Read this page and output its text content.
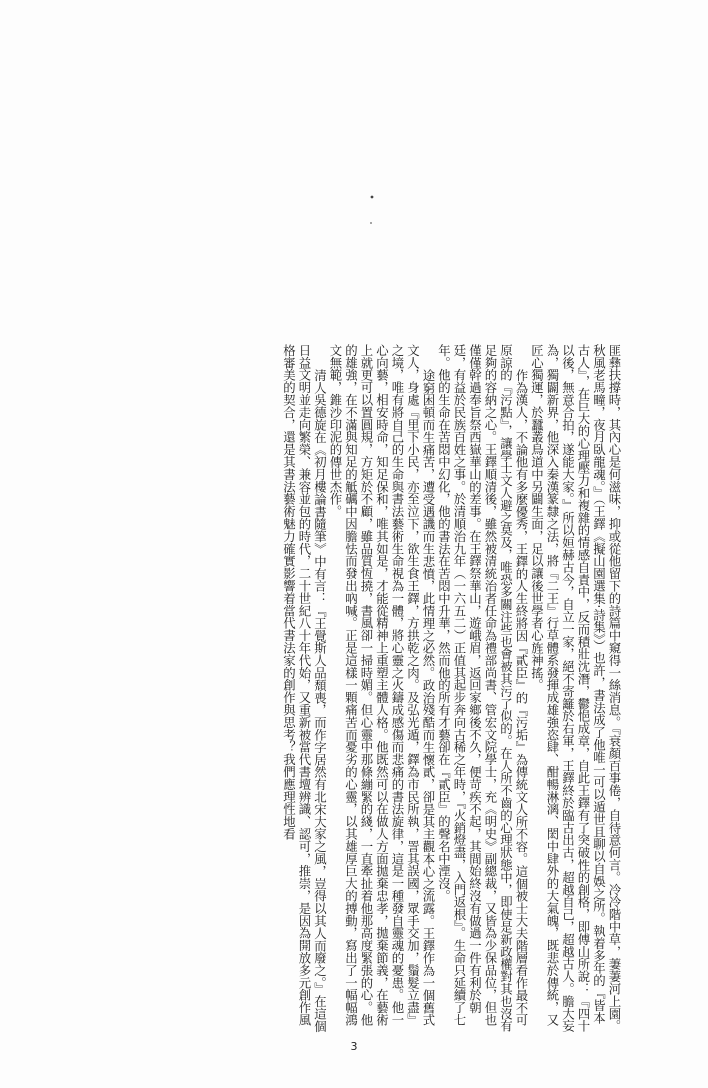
匪彝扶撐時，其內心是何滋味，抑或從他留下的詩篇中窺得一絲消息。『衰顏百事倦，自待意何言。冷冷階中草，萋萋河上園。秋風老馬疃，夜月臥龍魂。』（王鐸《擬山園選集‧詩集》）也許，書法成了他唯一可以遁世且聊以自娛之所。執着多年的『皆本古人』，在巨大的心理壓力和複雜的情感自責中，反而積壯沈潛，鬱悒成章，自此王鐸有了突破性的創格，即傅山所說：『四十以後，無意合拍，遂能大家。』所以姮赫古今，自立一家，絕不寄籬於右軍，王鐸終於臨古出古，超越自己，超越古人。膽大妄為，獨闢新界，他深入秦漢篆隸之法，將『二王』行草體系發揮成雄強恣肆、酣暢淋漓、閎中肆外的大氣魄，既悲於傳統，又匠心獨運，於蠶叢鳥道中另闢生面，足以讓後世學者心旌神搖。

作為漢人，不論他有多麼優秀，王鐸的人生終將因『貳臣』的『污垢』為傳統文人所不容。這個被士大夫階層看作最不可原諒的『污點』，讓學士文人避之莫及，唯恐多關注些也會被其污了似的。在人所不齒的心理狀態中，即使是新政權對其也沒有足夠的容納之心。王鐸順清後，雖然被清統治者任命為禮部尚書、管宏文院學士，充《明史》副總裁，又皆為少保品位，但也僅僅幹過奉旨祭西嶽華山的差事。在王鐸祭華山，遊峨眉，返回家鄉後不久，便苛疾不起，其間始終沒有做過一件有利於朝廷，有益於民族百姓之事。於清順治九年（一六五二）正值其起步奔向古稀之年時，『火銷燈盡，入門返根』。生命只延續了七年。他的生命在苦悶中幻化，他的書法在苦悶中升華，然而他的所有才藝卻在『貳臣』的聲名中湮沒。

途窮困頓而生痛苦，遭受遇譏而生悲憤，此情理之必然。政治殘酷而生懷貳，卻是其主觀本心之流露。王鐸作為一個舊式文人，身處『里下小民，亦至泣下，欲生食王鐸，方拱乾之肉。及弘光遁，鐸為市民所執，詈其誤國，眾手交加，鬚髮立盡』之境，唯有將自己的生命與書法藝術生命視為一體，將心靈之火鑄成感傷而悲痛的書法旋律，這是一種發自靈魂的憂患。他一心向藝，相安時命，知足保和，唯其如是，才能從精神上重塑主體人格。他既然可以在做人方面拋棄忠孝，拋棄節義，在藝術上就更可以置圓規，方矩於不顧，雖品質恆撓，書風卻一掃時媚。但心靈中那條繃緊的綫，一直牽扯着他那高度緊張的心。他的雄強，在不滿與知足的觝礪中因膽怯而發出吶喊。正是這樣一顆痛苦而憂劣的心靈，以其雄厚巨大的搏動，寫出了一幅幅鴻文無範，錐沙印泥的傳世杰作。

清人吳德旋在《初月樓論書隨筆》中有言：『王覺斯人品頹喪，而作字居然有北宋大家之風，豈得以其人而廢之。』在這個日益文明並走向繁榮、兼容並包的時代，二十世紀八十年代始，又重新被當代書壇辨識、認可，推崇，是因為開放多元創作風格審美的契合，還是其書法藝術魅力確實影響着當代書法家的創作與思考？我們應理性地看

3
